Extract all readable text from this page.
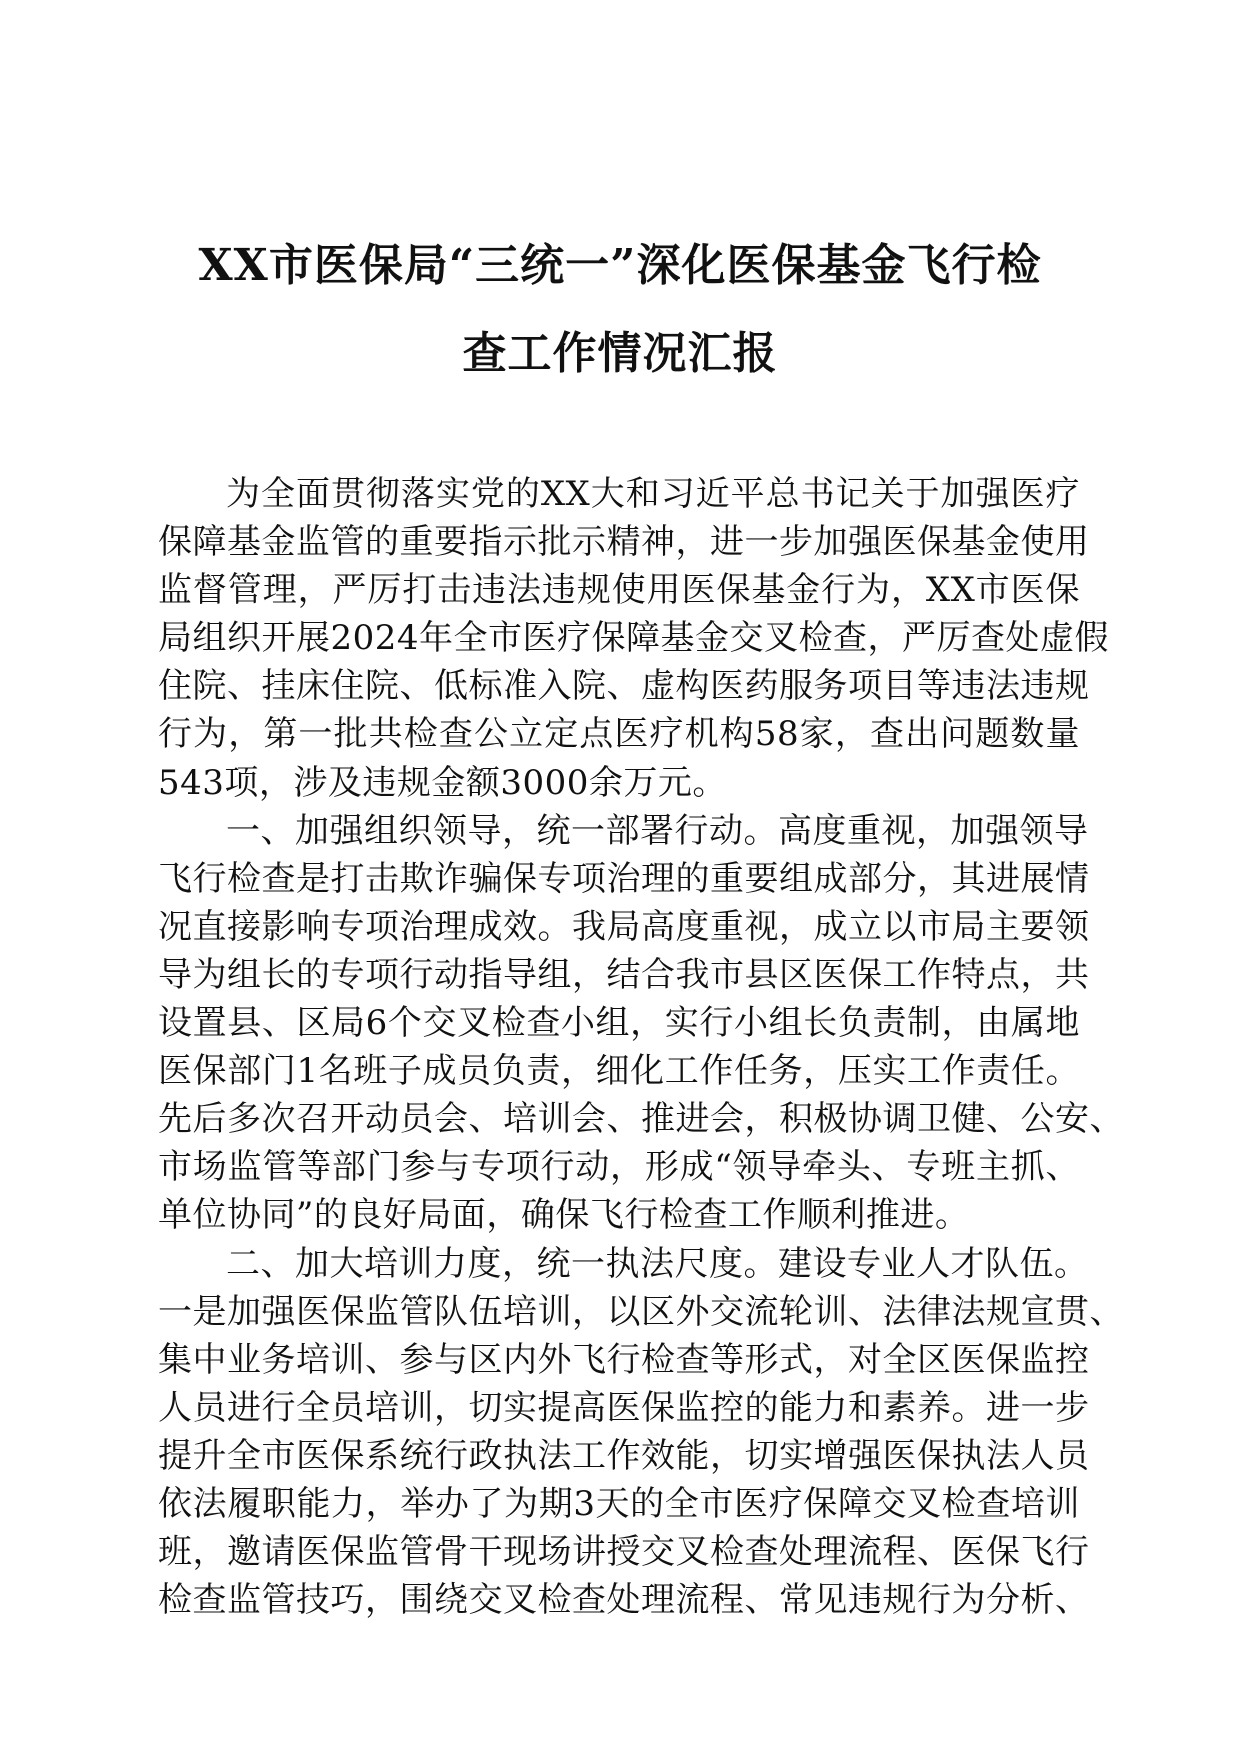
XX市医保局“三统一”深化医保基金飞行检
查工作情况汇报
为全面贯彻落实党的XX大和习近平总书记关于加强医疗
保障基金监管的重要指示批示精神，进一步加强医保基金使用
监督管理，严厉打击违法违规使用医保基金行为，XX市医保
局组织开展2024年全市医疗保障基金交叉检查，严厉查处虚假
住院、挂床住院、低标准入院、虚构医药服务项目等违法违规
行为，第一批共检查公立定点医疗机构58家，查出问题数量
543项，涉及违规金额3000余万元。
一、加强组织领导，统一部署行动。高度重视，加强领导
飞行检查是打击欺诈骗保专项治理的重要组成部分，其进展情
况直接影响专项治理成效。我局高度重视，成立以市局主要领
导为组长的专项行动指导组，结合我市县区医保工作特点，共
设置县、区局6个交叉检查小组，实行小组长负责制，由属地
医保部门1名班子成员负责，细化工作任务，压实工作责任。
先后多次召开动员会、培训会、推进会，积极协调卫健、公安、
市场监管等部门参与专项行动，形成“领导牵头、专班主抓、
单位协同”的良好局面，确保飞行检查工作顺利推进。
二、加大培训力度，统一执法尺度。建设专业人才队伍。
一是加强医保监管队伍培训，以区外交流轮训、法律法规宣贯、
集中业务培训、参与区内外飞行检查等形式，对全区医保监控
人员进行全员培训，切实提高医保监控的能力和素养。进一步
提升全市医保系统行政执法工作效能，切实增强医保执法人员
依法履职能力，举办了为期3天的全市医疗保障交叉检查培训
班，邀请医保监管骨干现场讲授交叉检查处理流程、医保飞行
检查监管技巧，围绕交叉检查处理流程、常见违规行为分析、
